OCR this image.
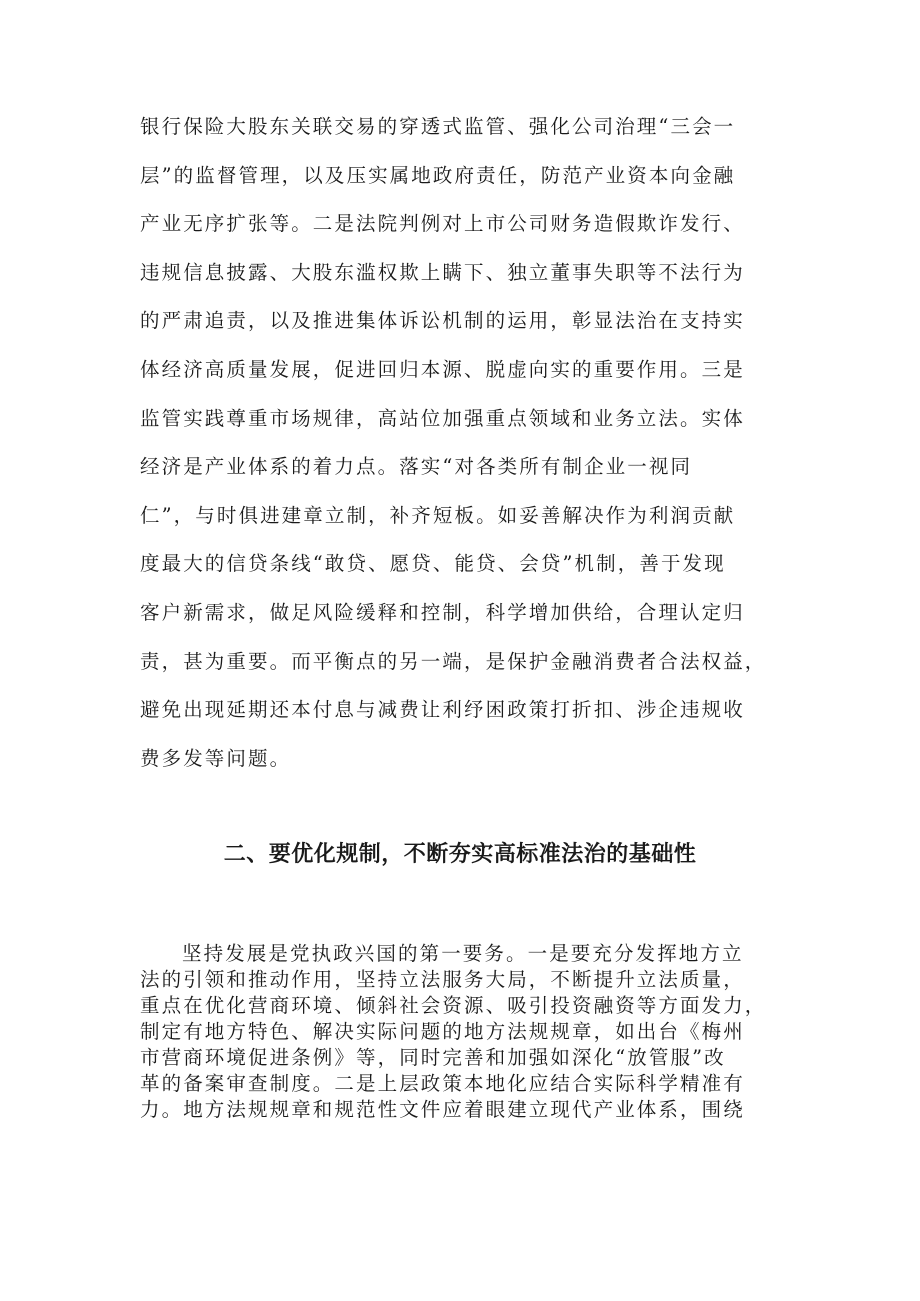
银行保险大股东关联交易的穿透式监管、强化公司治理“三会一
层”的监督管理，以及压实属地政府责任，防范产业资本向金融
产业无序扩张等。二是法院判例对上市公司财务造假欺诈发行、
违规信息披露、大股东滥权欺上瞒下、独立董事失职等不法行为
的严肃追责，以及推进集体诉讼机制的运用，彰显法治在支持实
体经济高质量发展，促进回归本源、脱虚向实的重要作用。三是
监管实践尊重市场规律，高站位加强重点领域和业务立法。实体
经济是产业体系的着力点。落实“对各类所有制企业一视同
仁”，与时俱进建章立制，补齐短板。如妥善解决作为利润贡献
度最大的信贷条线“敢贷、愿贷、能贷、会贷”机制，善于发现
客户新需求，做足风险缓释和控制，科学增加供给，合理认定归
责，甚为重要。而平衡点的另一端，是保护金融消费者合法权益，
避免出现延期还本付息与减费让利纾困政策打折扣、涉企违规收
费多发等问题。
二、要优化规制，不断夯实高标准法治的基础性
坚持发展是党执政兴国的第一要务。一是要充分发挥地方立
法的引领和推动作用，坚持立法服务大局，不断提升立法质量，
重点在优化营商环境、倾斜社会资源、吸引投资融资等方面发力，
制定有地方特色、解决实际问题的地方法规规章，如出台《梅州
市营商环境促进条例》等，同时完善和加强如深化“放管服”改
革的备案审查制度。二是上层政策本地化应结合实际科学精准有
力。地方法规规章和规范性文件应着眼建立现代产业体系，围绕
